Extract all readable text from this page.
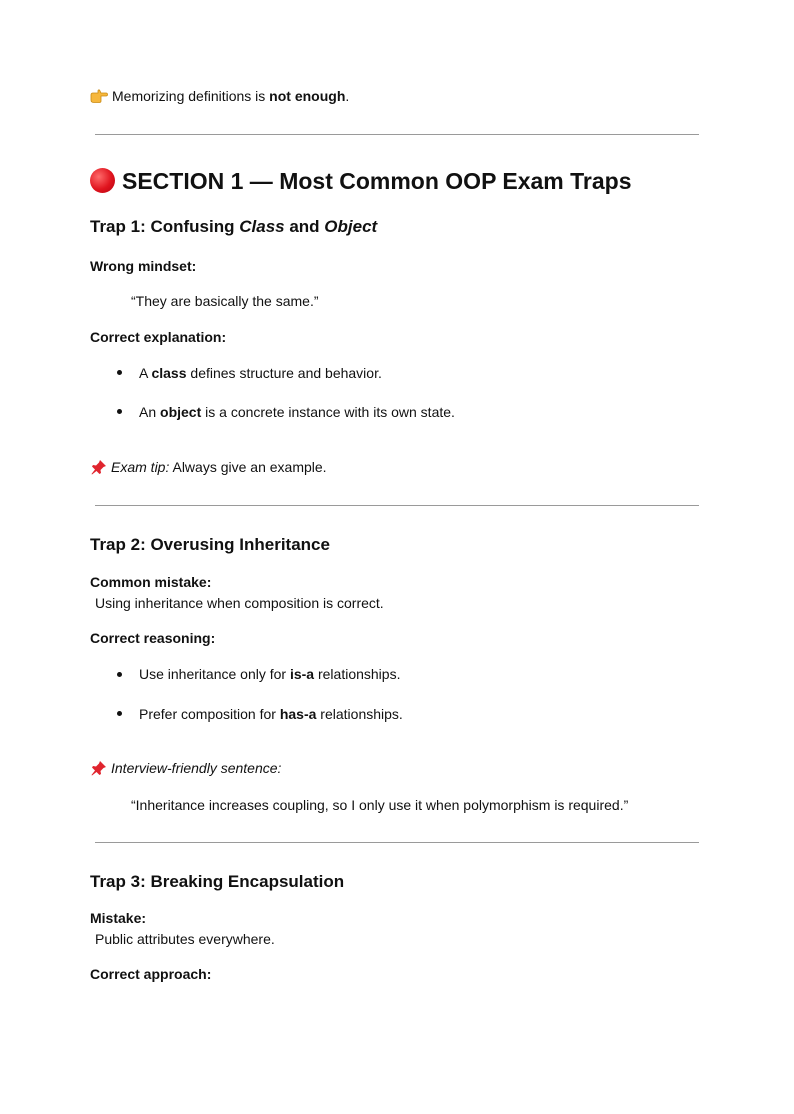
Memorizing definitions is not enough.
SECTION 1 — Most Common OOP Exam Traps
Trap 1: Confusing Class and Object
Wrong mindset:
“They are basically the same.”
Correct explanation:
A class defines structure and behavior.
An object is a concrete instance with its own state.
Exam tip: Always give an example.
Trap 2: Overusing Inheritance
Common mistake:
Using inheritance when composition is correct.
Correct reasoning:
Use inheritance only for is-a relationships.
Prefer composition for has-a relationships.
Interview-friendly sentence:
“Inheritance increases coupling, so I only use it when polymorphism is required.”
Trap 3: Breaking Encapsulation
Mistake:
Public attributes everywhere.
Correct approach:
